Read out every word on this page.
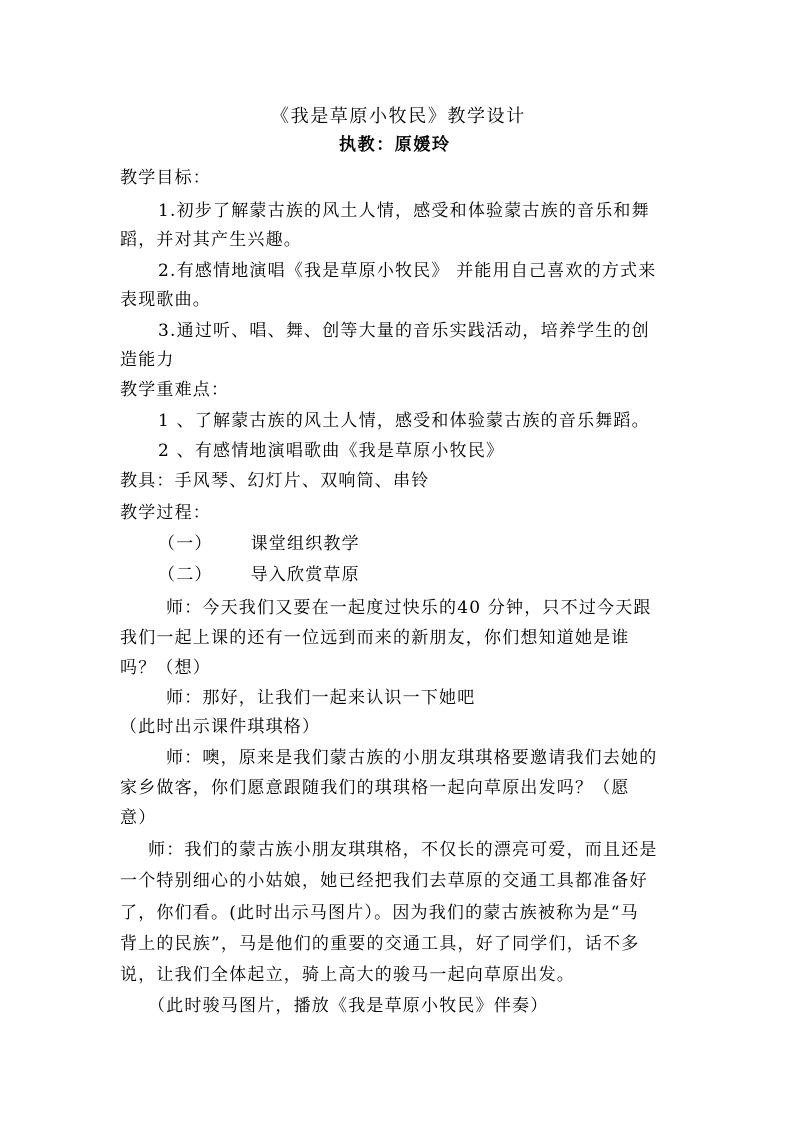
《我是草原小牧民》教学设计
执教：原媛玲
教学目标：
1.初步了解蒙古族的风土人情，感受和体验蒙古族的音乐和舞
蹈，并对其产生兴趣。
2.有感情地演唱《我是草原小牧民》 并能用自己喜欢的方式来
表现歌曲。
3.通过听、唱、舞、创等大量的音乐实践活动，培养学生的创
造能力
教学重难点：
1 、了解蒙古族的风土人情，感受和体验蒙古族的音乐舞蹈。
2 、有感情地演唱歌曲《我是草原小牧民》
教具：手风琴、幻灯片、双响筒、串铃
教学过程：
（一） 课堂组织教学
（二） 导入欣赏草原
师：今天我们又要在一起度过快乐的40 分钟，只不过今天跟
我们一起上课的还有一位远到而来的新朋友，你们想知道她是谁
吗？（想）
师：那好，让我们一起来认识一下她吧
（此时出示课件琪琪格）
师：噢，原来是我们蒙古族的小朋友琪琪格要邀请我们去她的
家乡做客，你们愿意跟随我们的琪琪格一起向草原出发吗？（愿
意）
师：我们的蒙古族小朋友琪琪格，不仅长的漂亮可爱，而且还是
一个特别细心的小姑娘，她已经把我们去草原的交通工具都准备好
了，你们看。(此时出示马图片）。因为我们的蒙古族被称为是“马
背上的民族”，马是他们的重要的交通工具，好了同学们，话不多
说，让我们全体起立，骑上高大的骏马一起向草原出发。
（此时骏马图片，播放《我是草原小牧民》伴奏）
